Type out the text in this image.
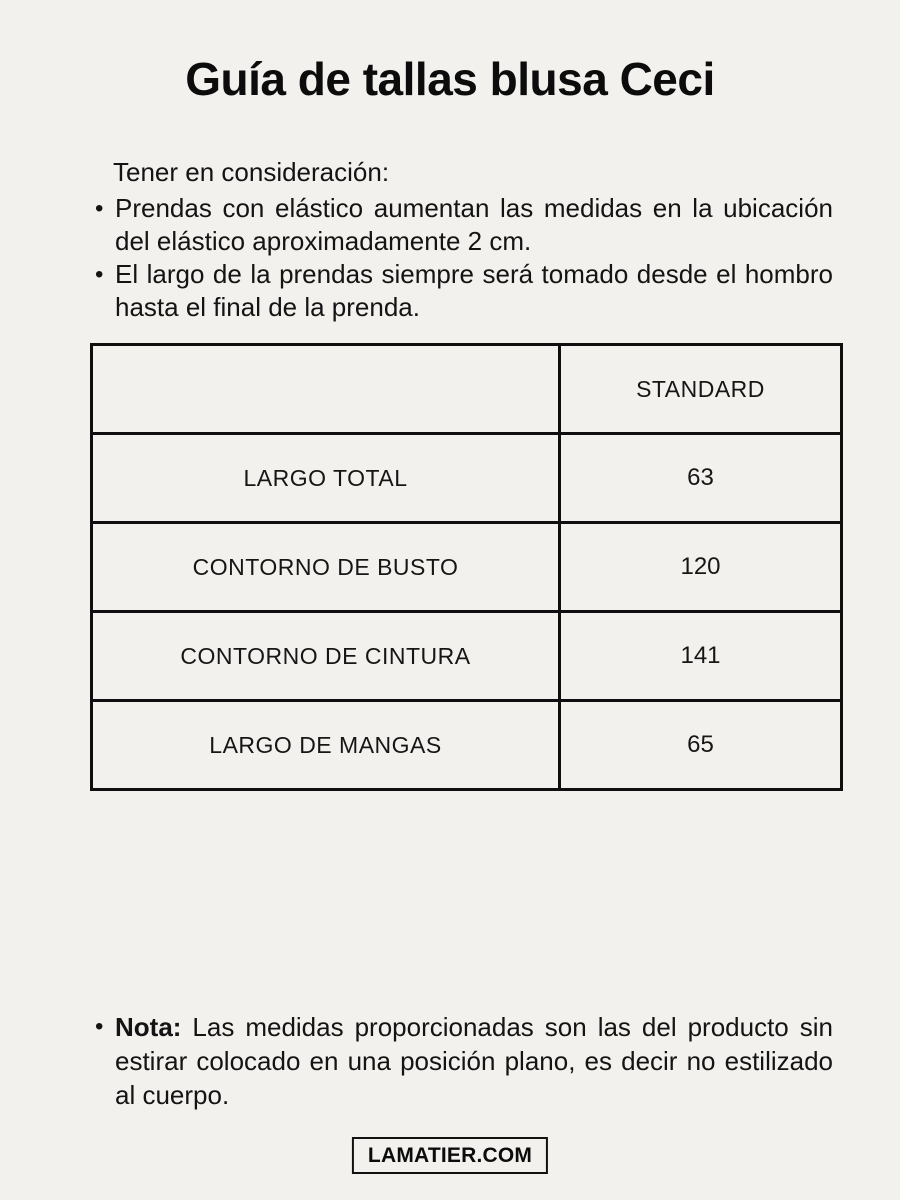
Guía de tallas blusa Ceci
Tener en consideración:
• Prendas con elástico aumentan las medidas en la ubicación del elástico aproximadamente 2 cm.
• El largo de la prendas siempre será tomado desde el hombro hasta el final de la prenda.
	STANDARD
LARGO TOTAL	63
CONTORNO DE BUSTO	120
CONTORNO DE CINTURA	141
LARGO DE MANGAS	65
• Nota: Las medidas proporcionadas son las del producto sin estirar colocado en una posición plano, es decir no estilizado al cuerpo.
LAMATIER.COM
